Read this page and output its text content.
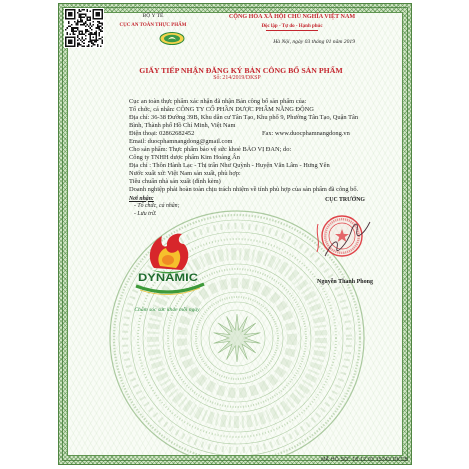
BỘ Y TẾ
CỤC AN TOÀN THỰC PHẨM
CỘNG HÒA XÃ HỘI CHỦ NGHĨA VIỆT NAM
Độc lập - Tự do - Hạnh phúc
Hà Nội, ngày 03 tháng 01 năm 2019
GIẤY TIẾP NHẬN ĐĂNG KÝ BẢN CÔNG BỐ SẢN PHẨM
Số: 214/2019/DKSP
Cục an toàn thực phẩm xác nhận đã nhận Bản công bố sản phẩm của:
Tổ chức, cá nhân: CÔNG TY CỔ PHẦN DƯỢC PHẨM NĂNG ĐỘNG
Địa chỉ: 36-38 Đường 39B, Khu dân cư Tân Tạo, Khu phố 9, Phường Tân Tạo, Quận Tân
Bình, Thành phố Hồ Chí Minh, Việt Nam
Điện thoại: 02862682452	Fax: www.duocphamnangdong.vn
Email: duocphamnangdong@gmail.com
Cho sản phẩm: Thực phẩm bảo vệ sức khoẻ BẢO VỊ ĐAN; do:
Công ty TNHH dược phẩm Kim Hoàng Ân
Địa chỉ : Thôn Hành Lạc - Thị trấn Như Quỳnh - Huyện Văn Lâm - Hưng Yên
Nước xuất xứ: Việt Nam sản xuất, phù hợp:
Tiêu chuẩn nhà sản xuất (đính kèm)
Doanh nghiệp phải hoàn toàn chịu trách nhiệm về tính phù hợp của sản phẩm đã công bố.
Nơi nhận:
- Tổ chức, cá nhân;
- Lưu trữ.
CỤC TRƯỞNG
Nguyễn Thanh Phong
DYNAMIC
Chăm sóc sức khỏe mỗi ngày
MÃ HỒ SƠ: 18.12.03.15243.DKCB
